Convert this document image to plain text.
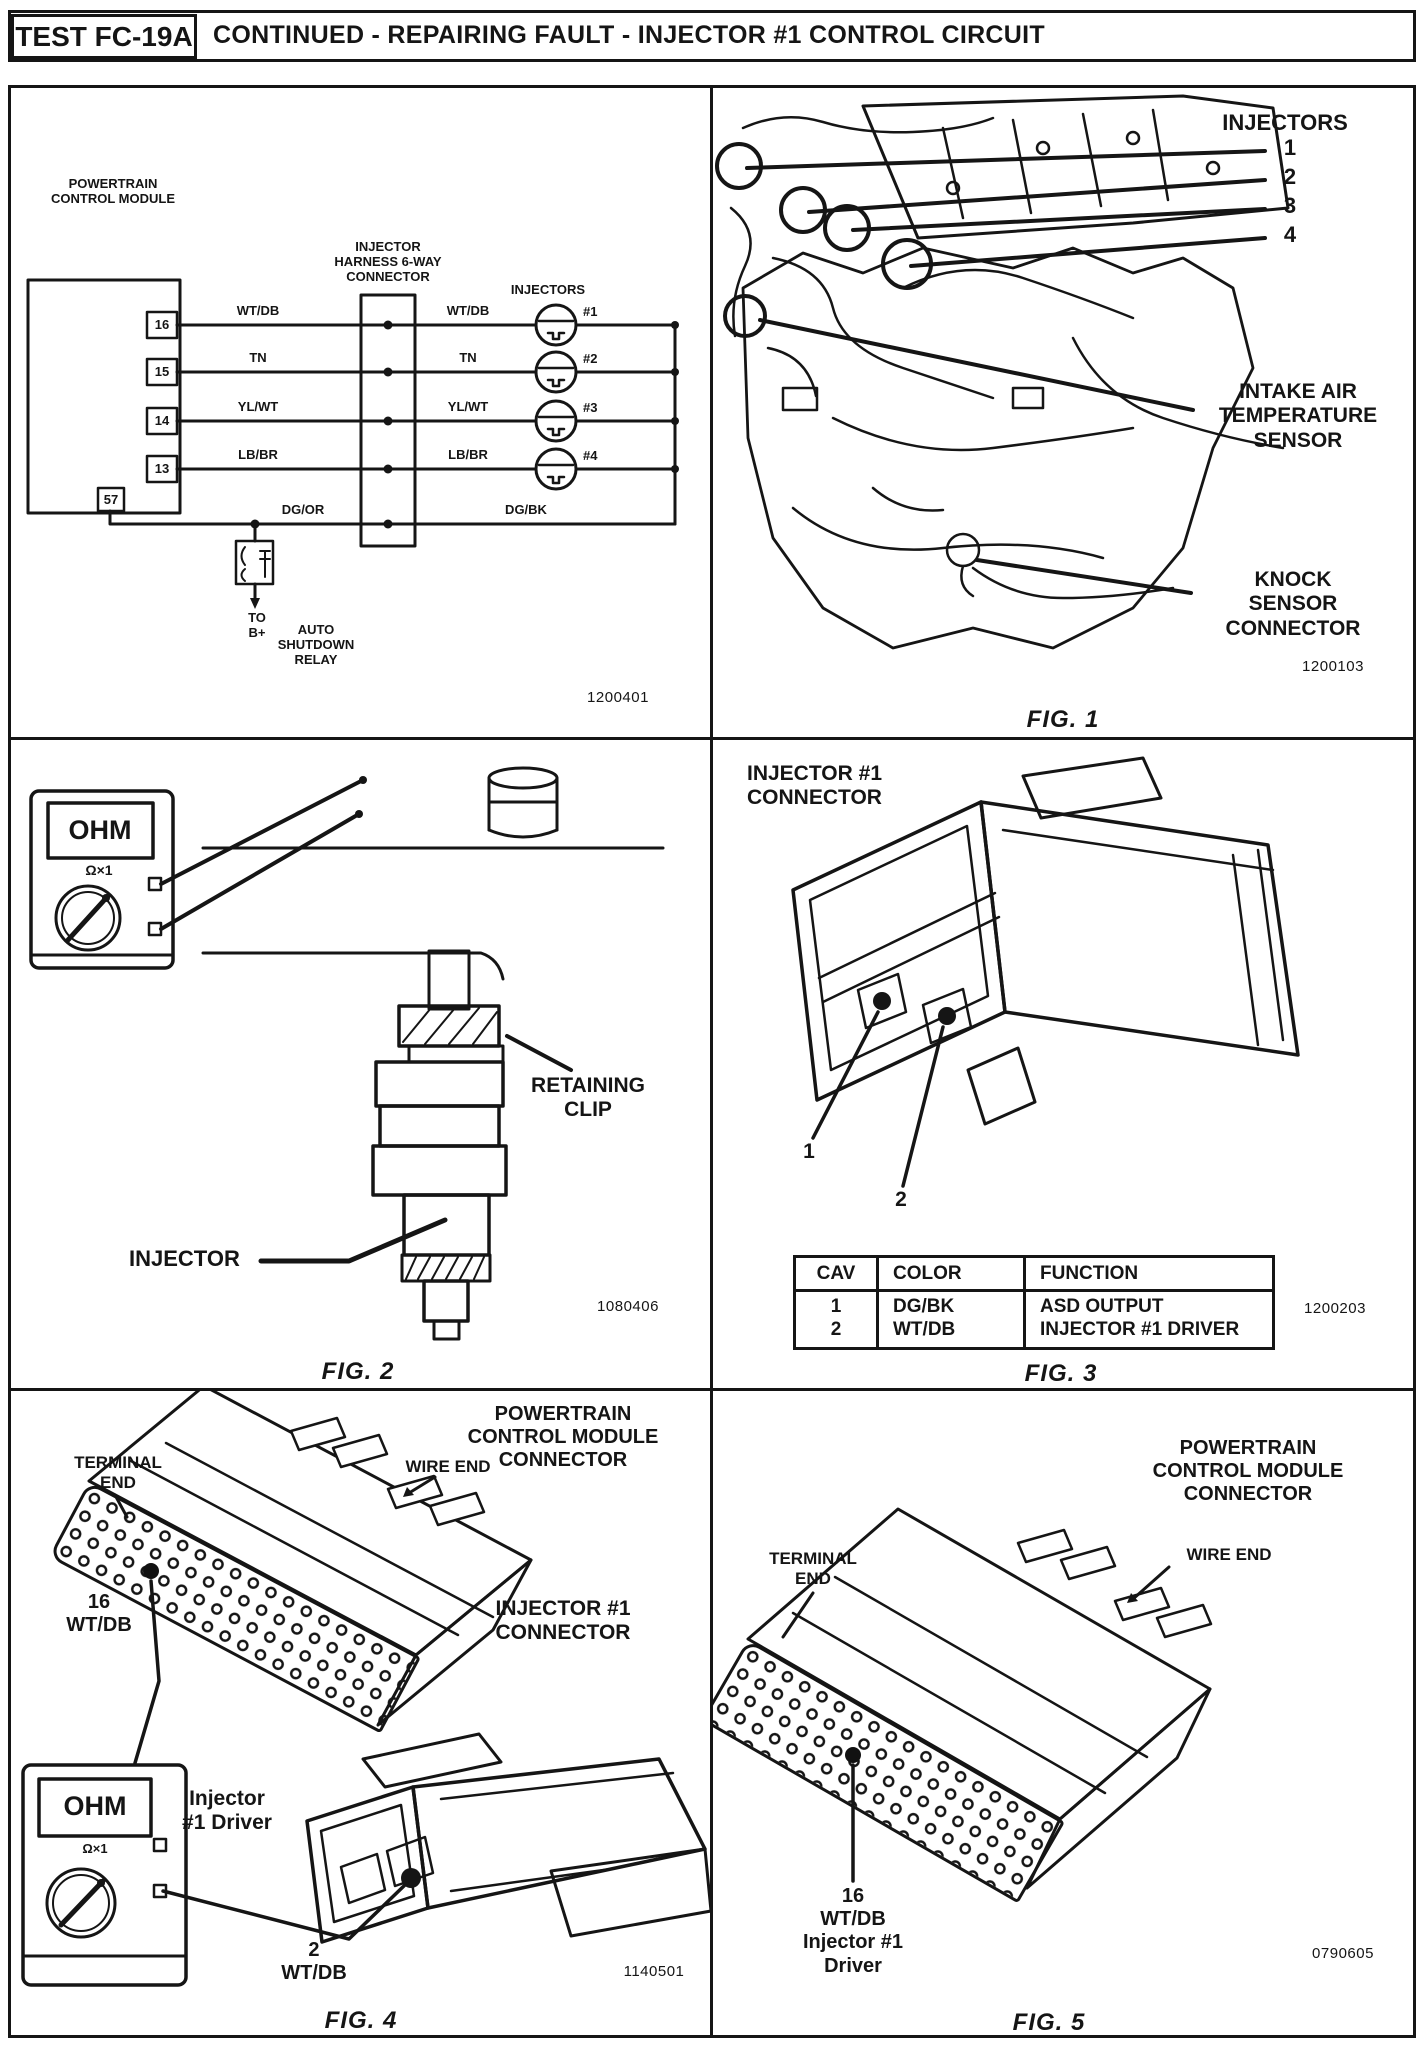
TEST FC-19A CONTINUED - REPAIRING FAULT - INJECTOR #1 CONTROL CIRCUIT
POWERTRAIN
CONTROL MODULE
INJECTOR
HARNESS 6-WAY
CONNECTOR
INJECTORS
16
15
14
13
57
WT/DB
TN
YL/WT
LB/BR
WT/DB
TN
YL/WT
LB/BR
DG/OR	DG/BK
#1
#2
#3
#4
AUTO
SHUTDOWN
RELAY
TO
B+
1200401
INJECTORS
1
2
3
4
INTAKE AIR
TEMPERATURE
SENSOR
KNOCK
SENSOR
CONNECTOR
1200103
FIG. 1
OHM
Ω×1
RETAINING
CLIP
INJECTOR
1080406
FIG. 2
INJECTOR #1
CONNECTOR
1
2
CAV	COLOR	FUNCTION
1	DG/BK	ASD OUTPUT
2	WT/DB	INJECTOR #1 DRIVER
1200203
FIG. 3
POWERTRAIN
CONTROL MODULE
CONNECTOR
TERMINAL
END
WIRE END
16
WT/DB
INJECTOR #1
CONNECTOR
Injector
#1 Driver
OHM
Ω×1
2
WT/DB	1140501
FIG. 4
POWERTRAIN
CONTROL MODULE
CONNECTOR
TERMINAL
END
WIRE END
16
WT/DB
Injector #1
Driver
0790605
FIG. 5
